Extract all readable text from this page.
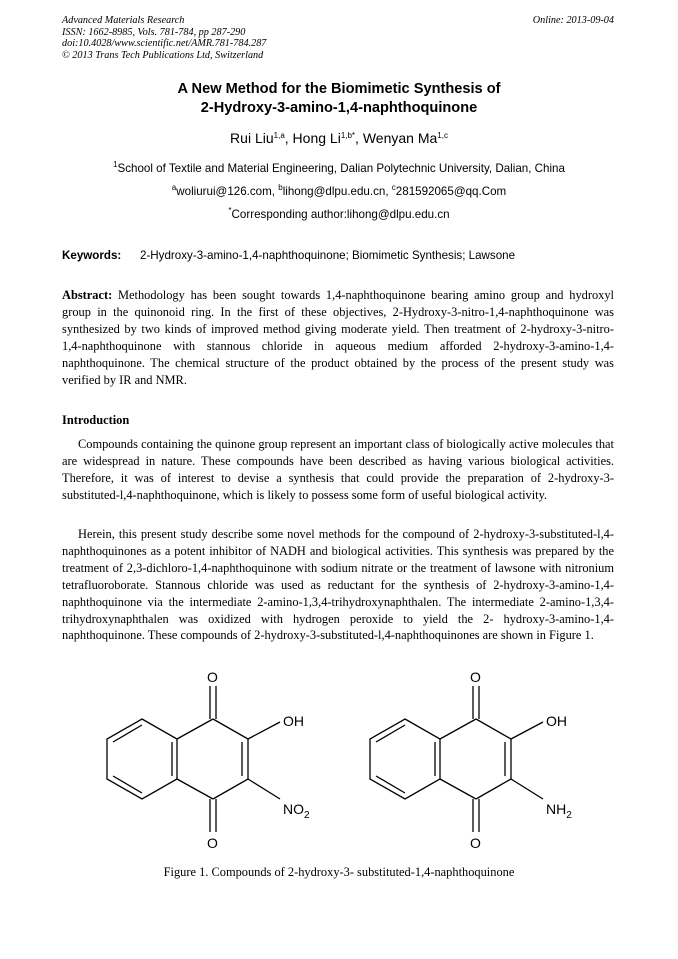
Advanced Materials Research
ISSN: 1662-8985, Vols. 781-784, pp 287-290
doi:10.4028/www.scientific.net/AMR.781-784.287
© 2013 Trans Tech Publications Ltd, Switzerland
Online: 2013-09-04
A New Method for the Biomimetic Synthesis of
2-Hydroxy-3-amino-1,4-naphthoquinone
Rui Liu$^{1,a}$, Hong $Li^{1,b*}$, Wenyan Ma$^{1,c}$
$^1$School of Textile and Material Engineering, Dalian Polytechnic University, Dalian, China
$^a$woliurui@126.com, $^b$lihong@dlpu.edu.cn, $^c$281592065@qq.Com
*Corresponding author:lihong@dlpu.edu.cn
Keywords: 2-Hydroxy-3-amino-1,4-naphthoquinone; Biomimetic Synthesis; Lawsone

Abstract: Methodology has been sought towards 1,4-naphthoquinone bearing amino group and hydroxyl group in the quinonoid ring. In the first of these objectives, 2-Hydroxy-3-nitro-1,4-naphthoquinone was synthesized by two kinds of improved method giving moderate yield. Then treatment of 2-hydroxy-3-nitro-1,4-naphthoquinone with stannous chloride in aqueous medium afforded 2-hydroxy-3-amino-1,4-naphthoquinone. The chemical structure of the product obtained by the process of the present study was verified by IR and NMR.

Introduction

Compounds containing the quinone group represent an important class of biologically active molecules that are widespread in nature. These compounds have been described as having various biological activities. Therefore, it was of interest to devise a synthesis that could provide the preparation of 2-hydroxy-3-substituted-l,4-naphthoquinone, which is likely to possess some form of useful biological activity.

Herein, this present study describe some novel methods for the compound of 2-hydroxy-3-substituted-l,4-naphthoquinones as a potent inhibitor of NADH and biological activities. This synthesis was prepared by the treatment of 2,3-dichloro-1,4-naphthoquinone with sodium nitrate or the treatment of lawsone with nitronium tetrafluoroborate. Stannous chloride was used as reductant for the synthesis of 2-hydroxy-3-amino-1,4-naphthoquinone via the intermediate 2-amino-1,3,4-trihydroxynaphthalen. The intermediate 2-amino-1,3,4-trihydroxynaphthalen was oxidized with hydrogen peroxide to yield the 2- hydroxy-3-amino-1,4-naphthoquinone. These compounds of 2-hydroxy-3-substituted-l,4-naphthoquinones are shown in Figure 1.

O
O
OH
$NO_2$
O
O
OH
$NH_2$
Figure 1. Compounds of 2-hydroxy-3- substituted-1,4-naphthoquinone
